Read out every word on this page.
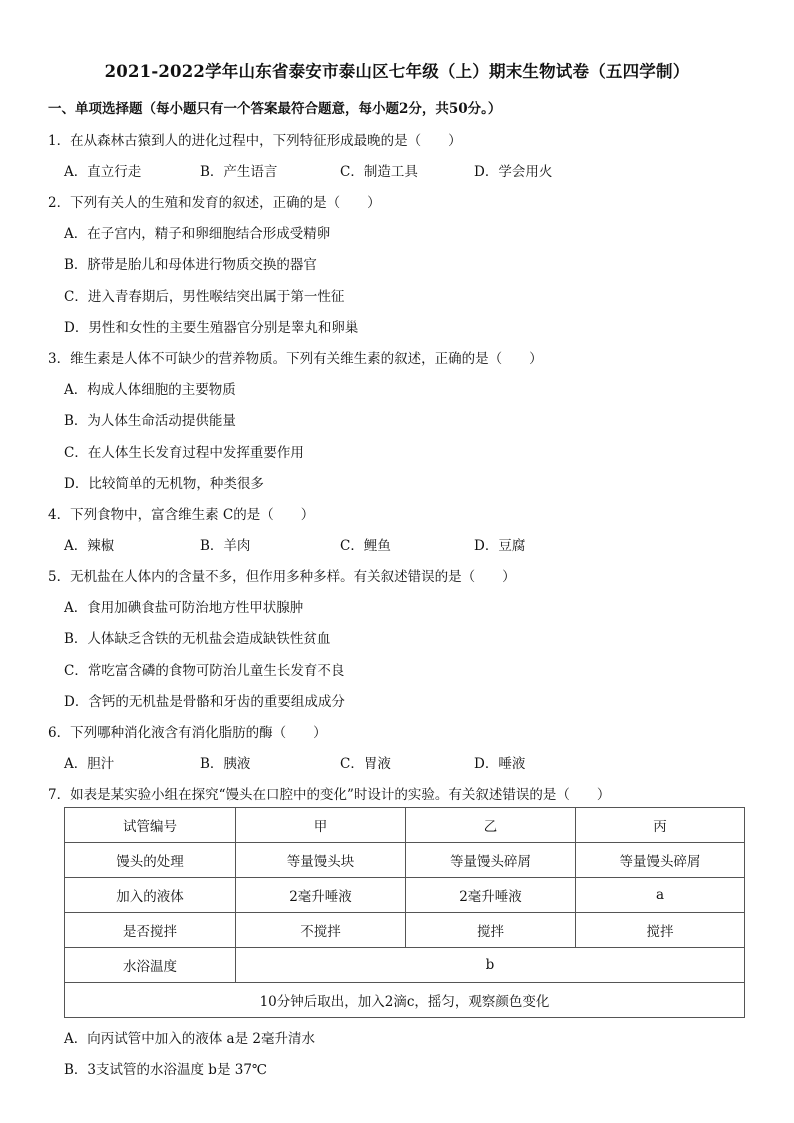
2021-2022学年山东省泰安市泰山区七年级（上）期末生物试卷（五四学制）
一、单项选择题（每小题只有一个答案最符合题意，每小题2分，共50分。）
1．在从森林古猿到人的进化过程中，下列特征形成最晚的是（　　）
A．直立行走	B．产生语言	C．制造工具	D．学会用火
2．下列有关人的生殖和发育的叙述，正确的是（　　）
A．在子宫内，精子和卵细胞结合形成受精卵
B．脐带是胎儿和母体进行物质交换的器官
C．进入青春期后，男性喉结突出属于第一性征
D．男性和女性的主要生殖器官分别是睾丸和卵巢
3．维生素是人体不可缺少的营养物质。下列有关维生素的叙述，正确的是（　　）
A．构成人体细胞的主要物质
B．为人体生命活动提供能量
C．在人体生长发育过程中发挥重要作用
D．比较简单的无机物，种类很多
4．下列食物中，富含维生素 C的是（　　）
A．辣椒	B．羊肉	C．鲤鱼	D．豆腐
5．无机盐在人体内的含量不多，但作用多种多样。有关叙述错误的是（　　）
A．食用加碘食盐可防治地方性甲状腺肿
B．人体缺乏含铁的无机盐会造成缺铁性贫血
C．常吃富含磷的食物可防治儿童生长发育不良
D．含钙的无机盐是骨骼和牙齿的重要组成成分
6．下列哪种消化液含有消化脂肪的酶（　　）
A．胆汁	B．胰液	C．胃液	D．唾液
7．如表是某实验小组在探究“馒头在口腔中的变化”时设计的实验。有关叙述错误的是（　　）
试管编号	甲	乙	丙
馒头的处理	等量馒头块	等量馒头碎屑	等量馒头碎屑
加入的液体	2毫升唾液	2毫升唾液	a
是否搅拌	不搅拌	搅拌	搅拌
水浴温度	b		
10分钟后取出，加入2滴c，摇匀，观察颜色变化			
A．向丙试管中加入的液体 a是 2毫升清水
B．3支试管的水浴温度 b是 37℃
